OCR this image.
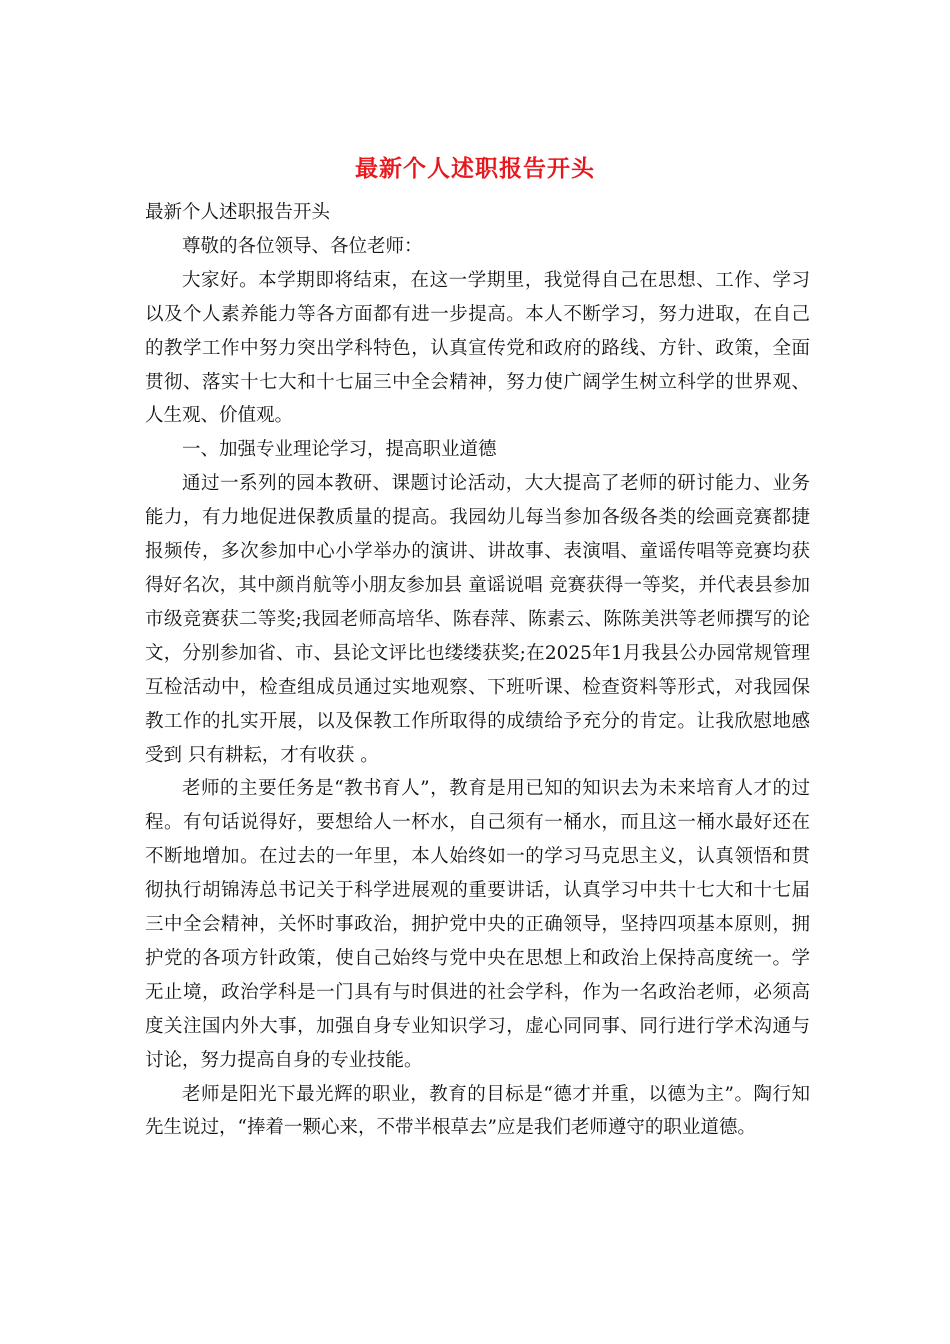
最新个人述职报告开头

最新个人述职报告开头

尊敬的各位领导、各位老师：

大家好。本学期即将结束，在这一学期里，我觉得自己在思想、工作、学习以及个人素养能力等各方面都有进一步提高。本人不断学习，努力进取，在自己的教学工作中努力突出学科特色，认真宣传党和政府的路线、方针、政策，全面贯彻、落实十七大和十七届三中全会精神，努力使广阔学生树立科学的世界观、人生观、价值观。

一、加强专业理论学习，提高职业道德

通过一系列的园本教研、课题讨论活动，大大提高了老师的研讨能力、业务能力，有力地促进保教质量的提高。我园幼儿每当参加各级各类的绘画竞赛都捷报频传，多次参加中心小学举办的演讲、讲故事、表演唱、童谣传唱等竞赛均获得好名次，其中颜肖航等小朋友参加县 童谣说唱 竞赛获得一等奖，并代表县参加市级竞赛获二等奖;我园老师高培华、陈春萍、陈素云、陈陈美洪等老师撰写的论文，分别参加省、市、县论文评比也缕缕获奖;在2025年1月我县公办园常规管理互检活动中，检查组成员通过实地观察、下班听课、检查资料等形式，对我园保教工作的扎实开展，以及保教工作所取得的成绩给予充分的肯定。让我欣慰地感受到 只有耕耘，才有收获 。

老师的主要任务是“教书育人”，教育是用已知的知识去为未来培育人才的过程。有句话说得好，要想给人一杯水，自己须有一桶水，而且这一桶水最好还在不断地增加。在过去的一年里，本人始终如一的学习马克思主义，认真领悟和贯彻执行胡锦涛总书记关于科学进展观的重要讲话，认真学习中共十七大和十七届三中全会精神，关怀时事政治，拥护党中央的正确领导，坚持四项基本原则，拥护党的各项方针政策，使自己始终与党中央在思想上和政治上保持高度统一。学无止境，政治学科是一门具有与时俱进的社会学科，作为一名政治老师，必须高度关注国内外大事，加强自身专业知识学习，虚心同同事、同行进行学术沟通与讨论，努力提高自身的专业技能。

老师是阳光下最光辉的职业，教育的目标是“德才并重，以德为主”。陶行知先生说过，“捧着一颗心来，不带半根草去”应是我们老师遵守的职业道德。
